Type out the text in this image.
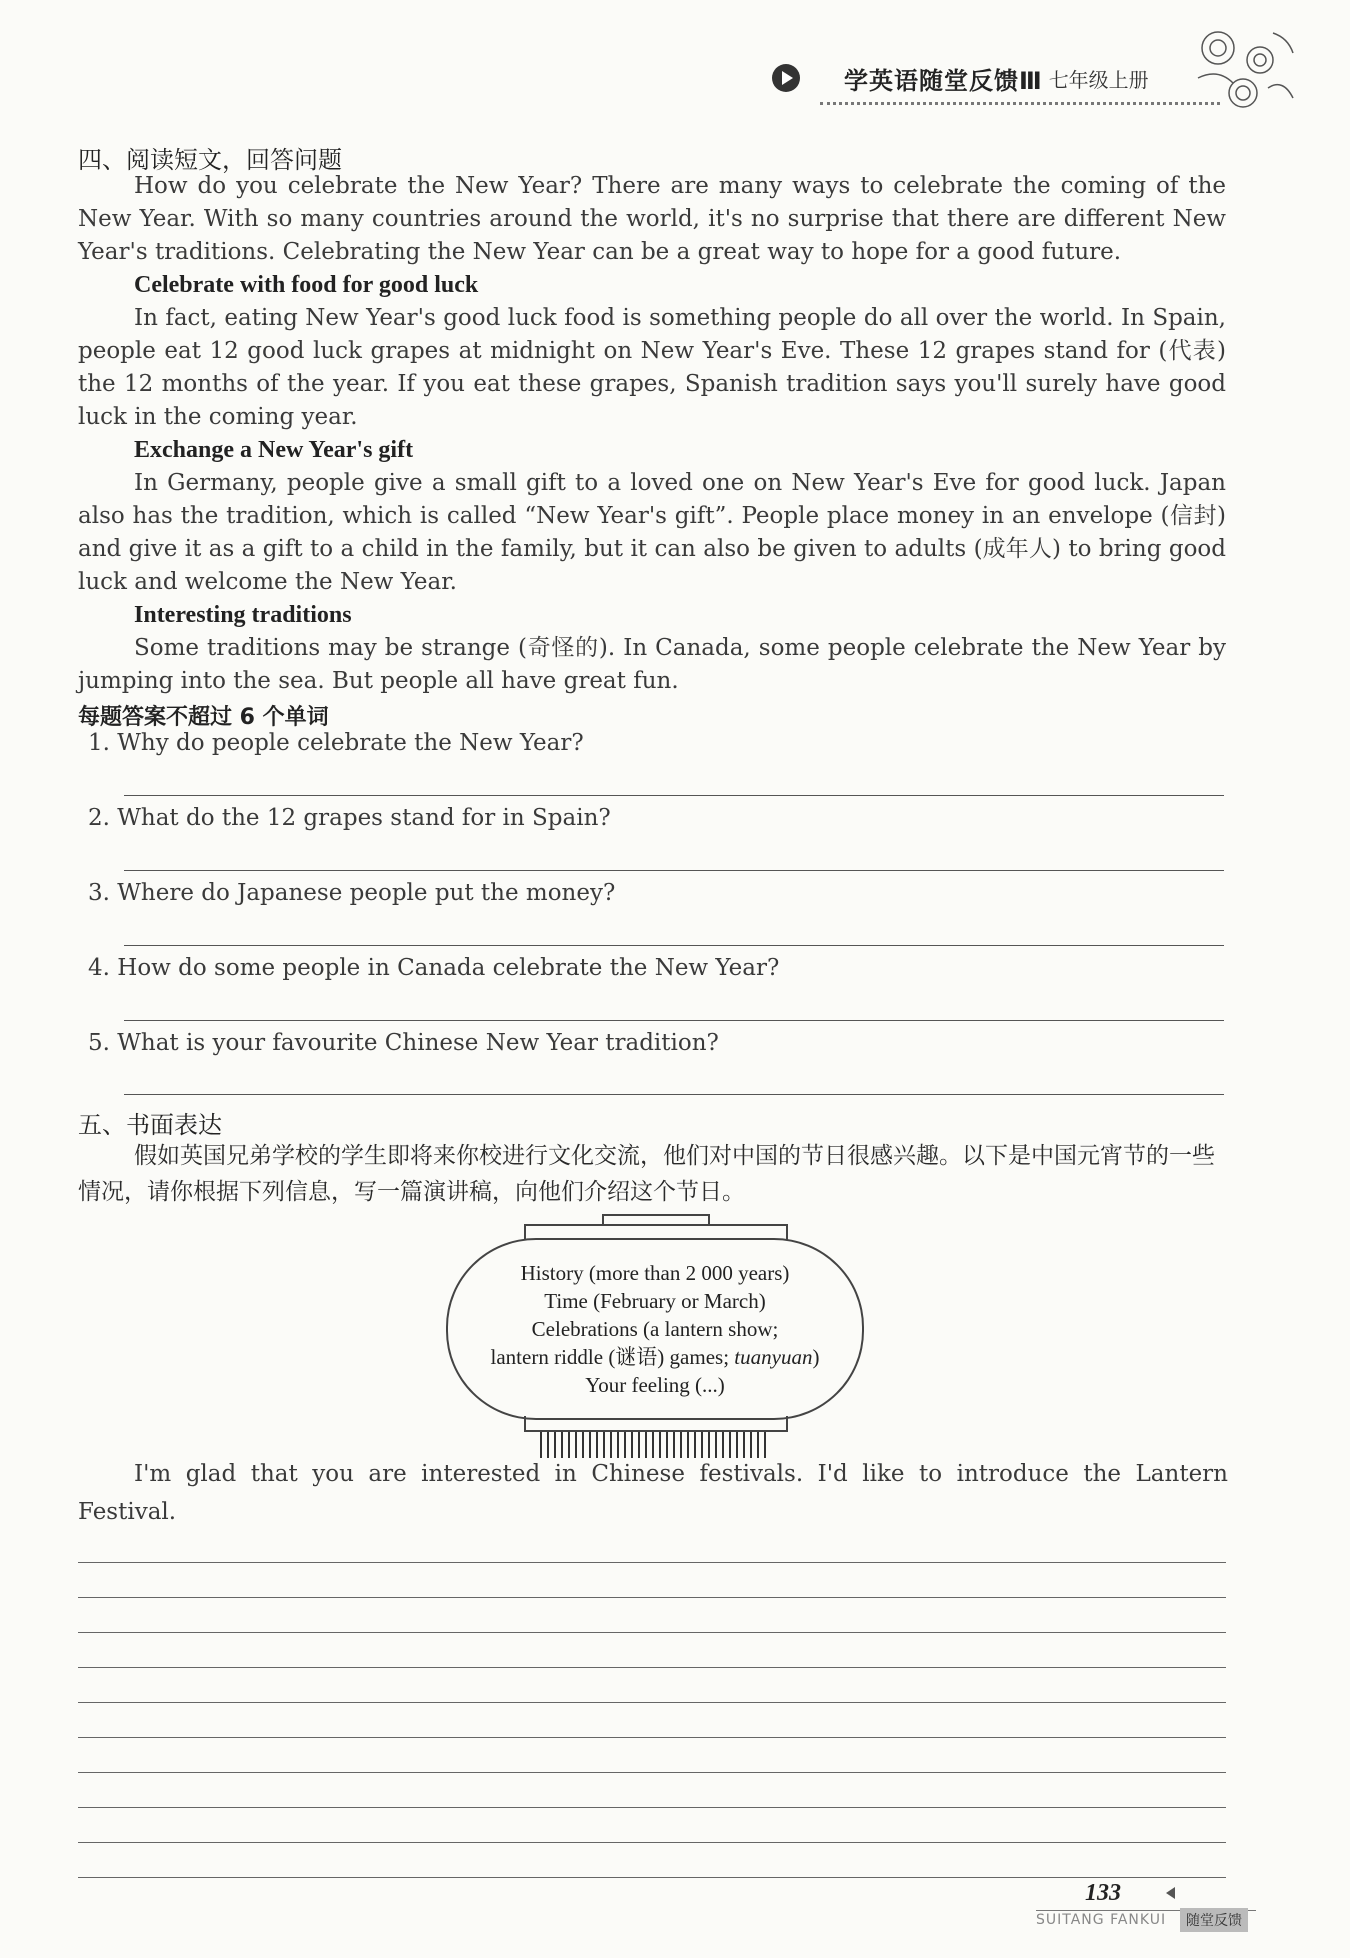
学英语随堂反馈Ⅲ 七年级上册
四、阅读短文，回答问题

How do you celebrate the New Year? There are many ways to celebrate the coming of the New Year. With so many countries around the world, it's no surprise that there are different New Year's traditions. Celebrating the New Year can be a great way to hope for a good future.

Celebrate with food for good luck

In fact, eating New Year's good luck food is something people do all over the world. In Spain, people eat 12 good luck grapes at midnight on New Year's Eve. These 12 grapes stand for (代表) the 12 months of the year. If you eat these grapes, Spanish tradition says you'll surely have good luck in the coming year.

Exchange a New Year's gift

In Germany, people give a small gift to a loved one on New Year's Eve for good luck. Japan also has the tradition, which is called “New Year's gift”. People place money in an envelope (信封) and give it as a gift to a child in the family, but it can also be given to adults (成年人) to bring good luck and welcome the New Year.

Interesting traditions

Some traditions may be strange (奇怪的). In Canada, some people celebrate the New Year by jumping into the sea. But people all have great fun.

每题答案不超过 6 个单词
1. Why do people celebrate the New Year?
2. What do the 12 grapes stand for in Spain?
3. Where do Japanese people put the money?
4. How do some people in Canada celebrate the New Year?
5. What is your favourite Chinese New Year tradition?
五、书面表达

假如英国兄弟学校的学生即将来你校进行文化交流，他们对中国的节日很感兴趣。以下是中国元宵节的一些情况，请你根据下列信息，写一篇演讲稿，向他们介绍这个节日。

History (more than 2 000 years)
Time (February or March)
Celebrations (a lantern show;
lantern riddle (谜语) games; tuanyuan)
Your feeling (...)

I'm glad that you are interested in Chinese festivals. I'd like to introduce the Lantern Festival.

133
SUITANG FANKUI	随堂反馈
